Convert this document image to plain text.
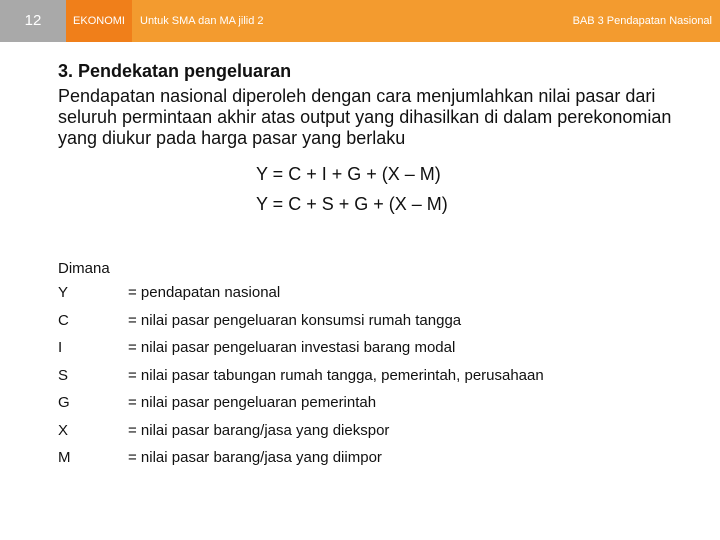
12	EKONOMI	Untuk SMA dan MA jilid 2	BAB 3 Pendapatan Nasional

3. Pendekatan pengeluaran

Pendapatan nasional diperoleh dengan cara menjumlahkan nilai pasar dari seluruh permintaan akhir atas output yang dihasilkan di dalam perekonomian yang diukur pada harga pasar yang berlaku

Y = C + I + G + (X – M)
Y = C + S + G + (X – M)
Dimana
Y	= pendapatan nasional
C	= nilai pasar pengeluaran konsumsi rumah tangga
I	= nilai pasar pengeluaran investasi barang modal
S	= nilai pasar tabungan rumah tangga, pemerintah, perusahaan
G	= nilai pasar pengeluaran pemerintah
X	= nilai pasar barang/jasa yang diekspor
M	= nilai pasar barang/jasa yang diimpor
